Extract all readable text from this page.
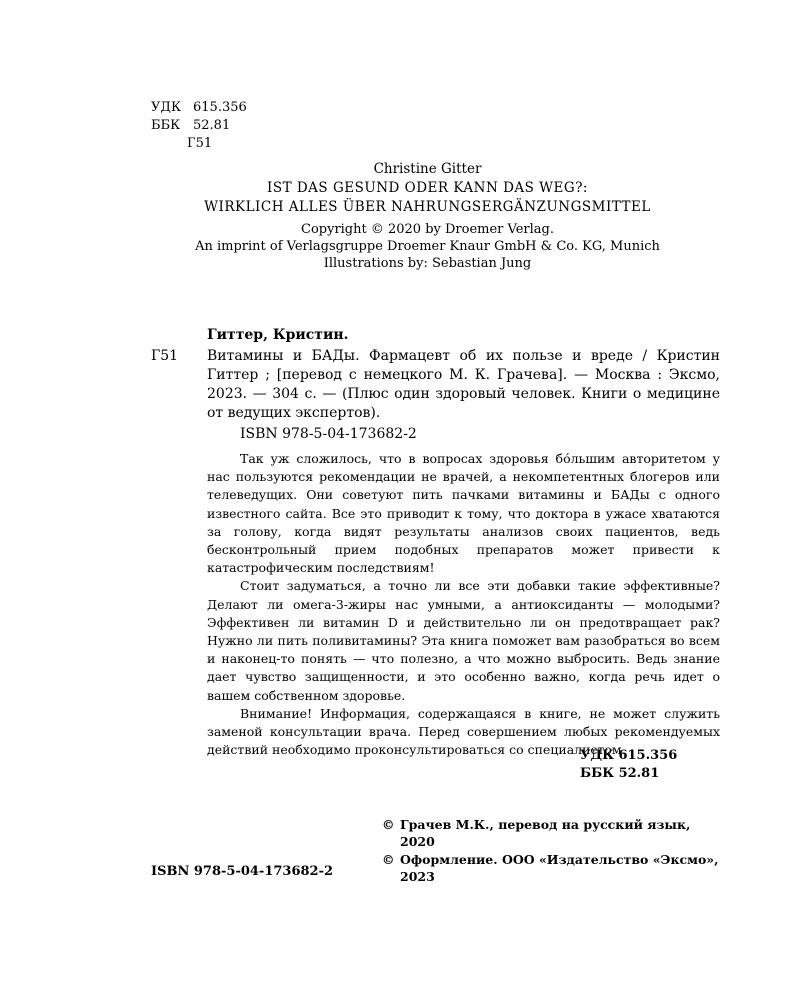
УДК 615.356
ББК 52.81
Г51
Christine Gitter
IST DAS GESUND ODER KANN DAS WEG?:
WIRKLICH ALLES ÜBER NAHRUNGSERGÄNZUNGSMITTEL
Copyright © 2020 by Droemer Verlag.
An imprint of Verlagsgruppe Droemer Knaur GmbH & Co. KG, Munich
Illustrations by: Sebastian Jung
Гиттер, Кристин.
Г51 Витамины и БАДы. Фармацевт об их пользе и вреде / Кристин Гиттер ; [перевод с немецкого М. К. Грачева]. — Москва : Эксмо, 2023. — 304 с. — (Плюс один здоровый человек. Книги о медицине от ведущих экспертов).
ISBN 978-5-04-173682-2

Так уж сложилось, что в вопросах здоровья бóльшим авторитетом у нас пользуются рекомендации не врачей, а некомпетентных блогеров или телеведущих. Они советуют пить пачками витамины и БАДы с одного известного сайта. Все это приводит к тому, что доктора в ужасе хватаются за голову, когда видят результаты анализов своих пациентов, ведь бесконтрольный прием подобных препаратов может привести к катастрофическим последствиям!

Стоит задуматься, а точно ли все эти добавки такие эффективные? Делают ли омега-3-жиры нас умными, а антиоксиданты — молодыми? Эффективен ли витамин D и действительно ли он предотвращает рак? Нужно ли пить поливитамины? Эта книга поможет вам разобраться во всем и наконец-то понять — что полезно, а что можно выбросить. Ведь знание дает чувство защищенности, и это особенно важно, когда речь идет о вашем собственном здоровье.

Внимание! Информация, содержащаяся в книге, не может служить заменой консультации врача. Перед совершением любых рекомендуемых действий необходимо проконсультироваться со специалистом.

УДК 615.356
ББК 52.81
ISBN 978-5-04-173682-2
© Грачев М.К., перевод на русский язык, 2020
© Оформление. ООО «Издательство «Эксмо», 2023
